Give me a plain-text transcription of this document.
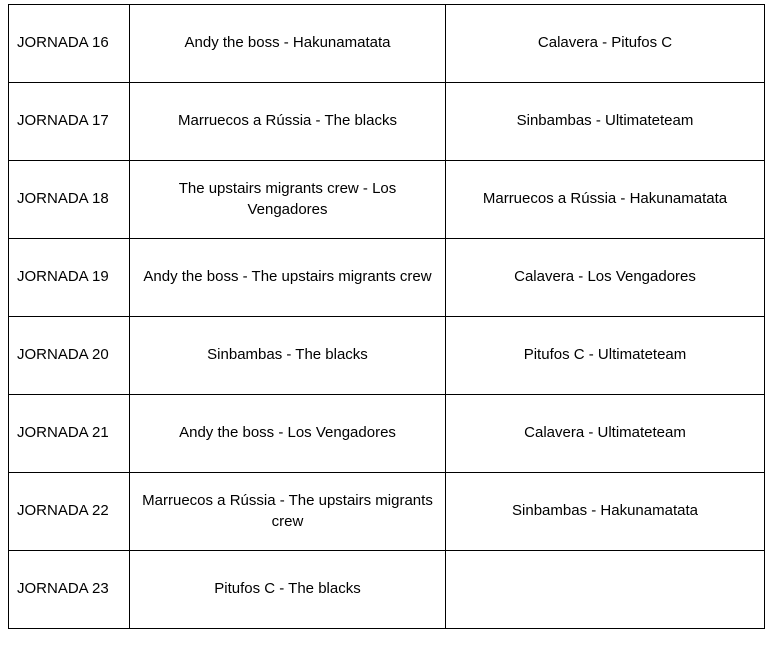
JORNADA 16	Andy the boss - Hakunamatata	Calavera - Pitufos C
JORNADA 17	Marruecos a Rússia - The blacks	Sinbambas - Ultimateteam
JORNADA 18	The upstairs migrants crew - Los Vengadores	Marruecos a Rússia - Hakunamatata
JORNADA 19	Andy the boss - The upstairs migrants crew	Calavera - Los Vengadores
JORNADA 20	Sinbambas - The blacks	Pitufos C - Ultimateteam
JORNADA 21	Andy the boss - Los Vengadores	Calavera - Ultimateteam
JORNADA 22	Marruecos a Rússia - The upstairs migrants crew	Sinbambas - Hakunamatata
JORNADA 23	Pitufos C - The blacks	
